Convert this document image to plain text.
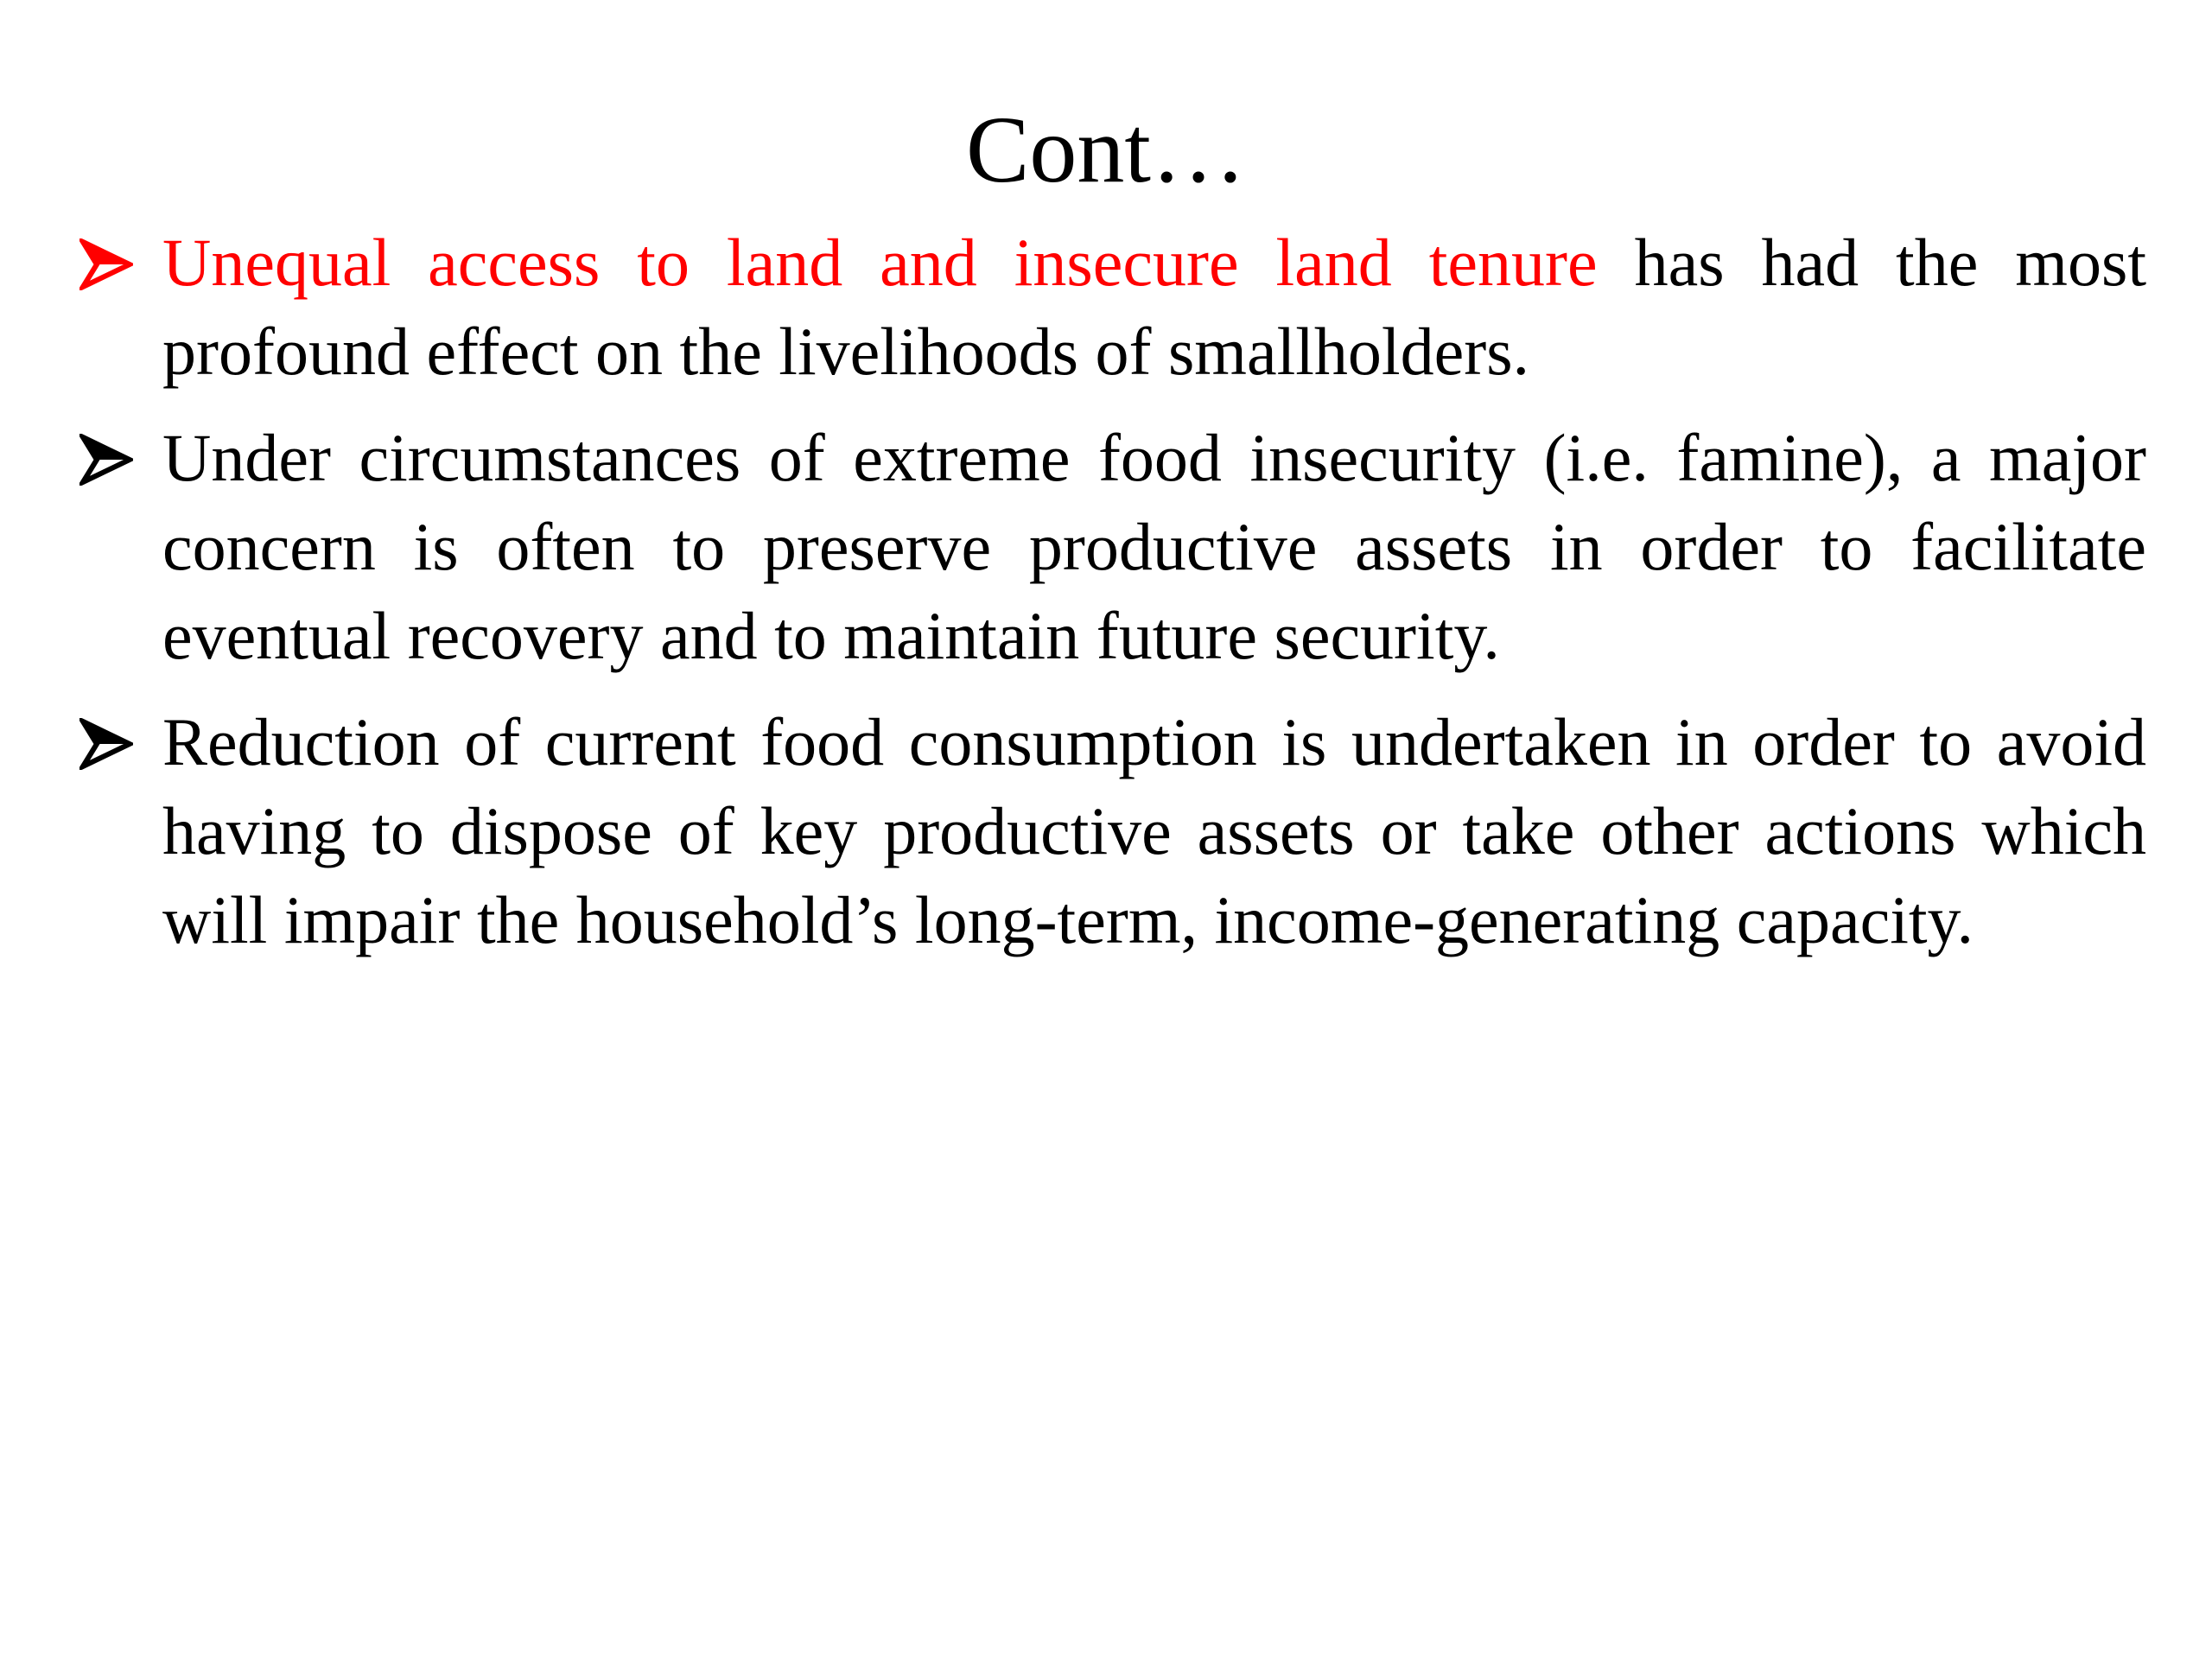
Cont…
Unequal access to land and insecure land tenure has had the most profound effect on the livelihoods of smallholders.
Under circumstances of extreme food insecurity (i.e. famine), a major concern is often to preserve productive assets in order to facilitate eventual recovery and to maintain future security.
Reduction of current food consumption is undertaken in order to avoid having to dispose of key productive assets or take other actions which will impair the household’s long-term, income-generating capacity.
